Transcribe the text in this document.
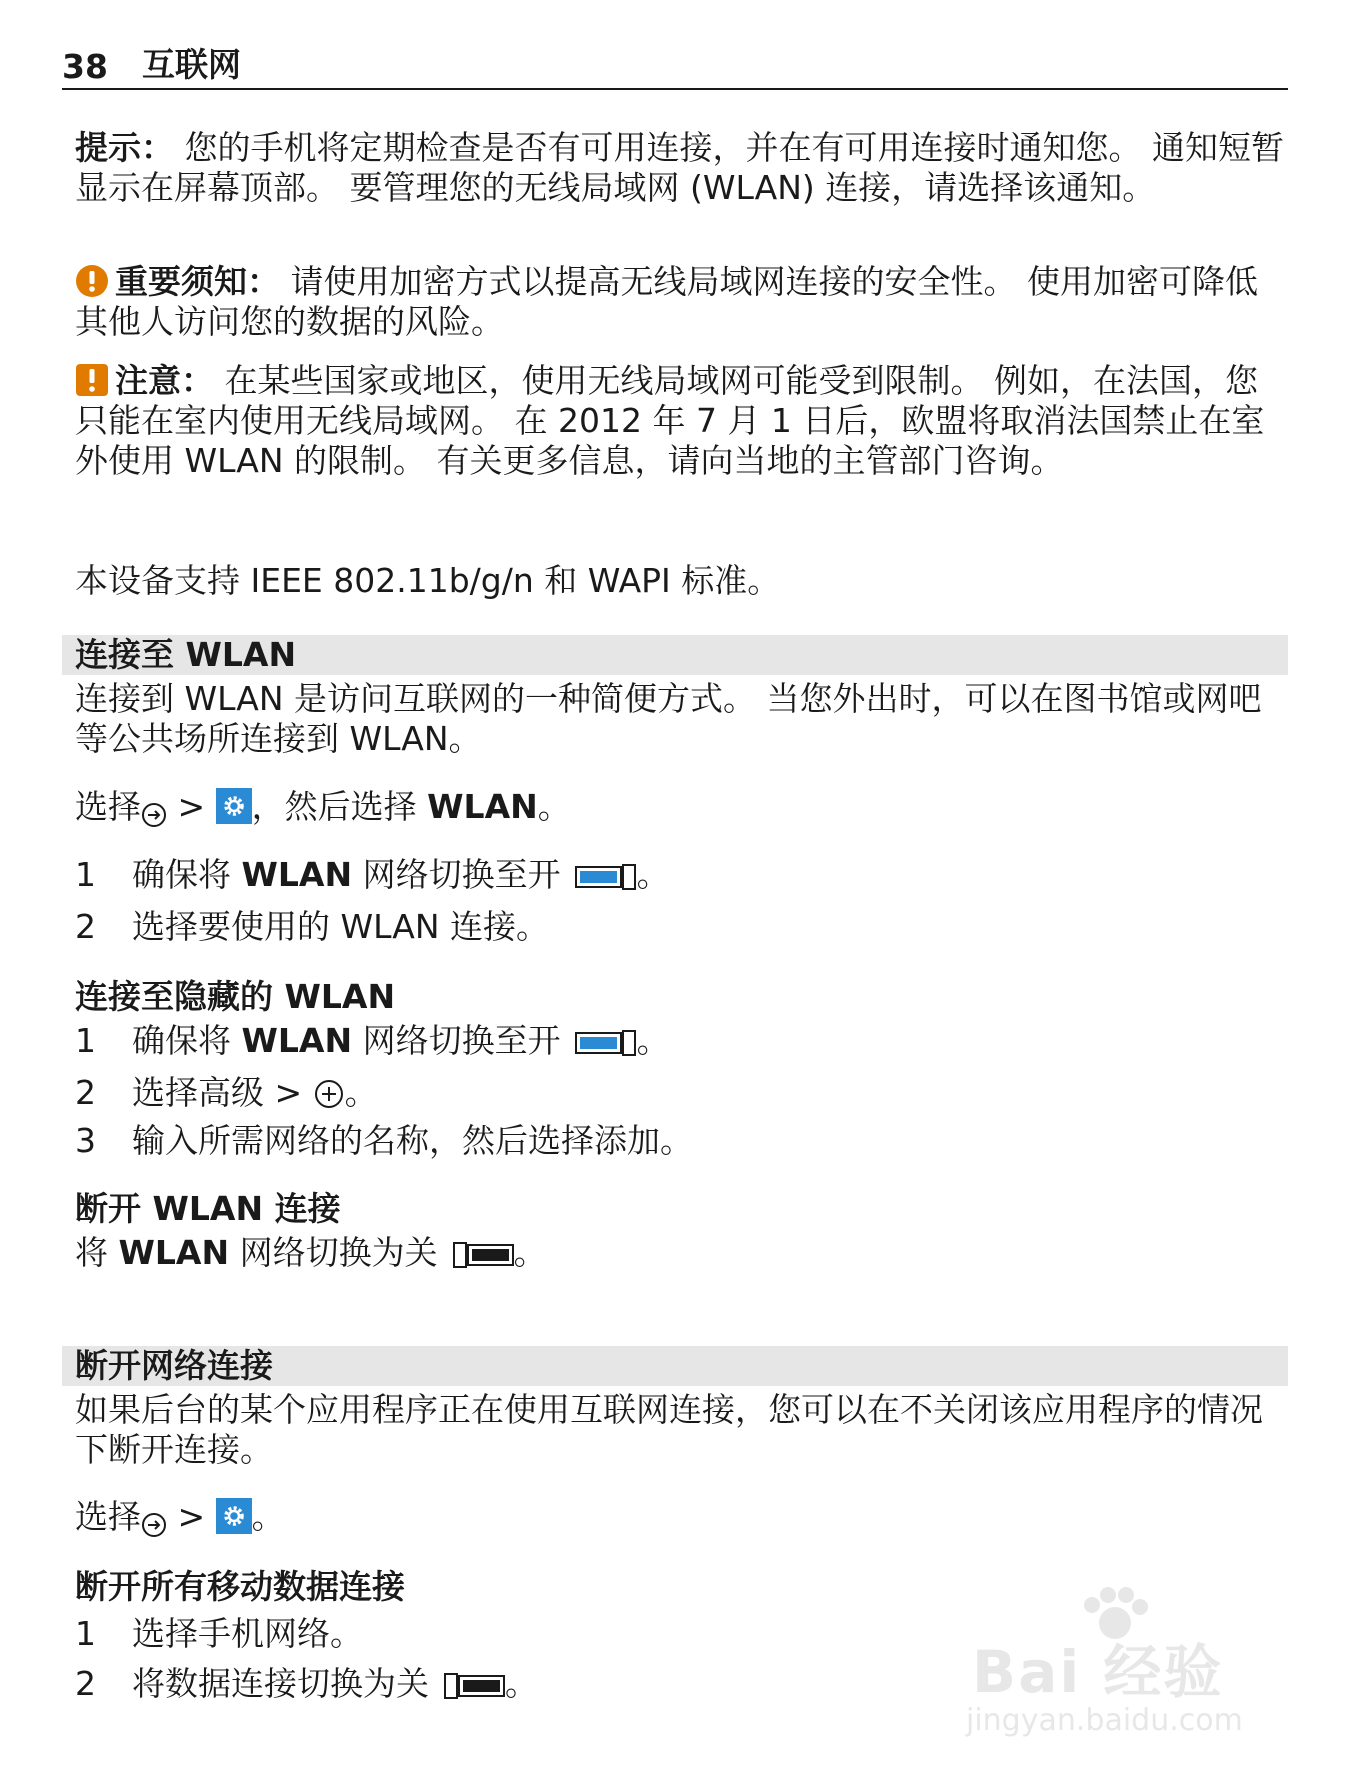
38	互联网
提示： 您的手机将定期检查是否有可用连接，并在有可用连接时通知您。 通知短暂显示在屏幕顶部。 要管理您的无线局域网 (WLAN) 连接，请选择该通知。
重要须知： 请使用加密方式以提高无线局域网连接的安全性。 使用加密可降低其他人访问您的数据的风险。
注意： 在某些国家或地区，使用无线局域网可能受到限制。 例如，在法国，您只能在室内使用无线局域网。 在 2012 年 7 月 1 日后，欧盟将取消法国禁止在室外使用 WLAN 的限制。 有关更多信息，请向当地的主管部门咨询。
本设备支持 IEEE 802.11b/g/n 和 WAPI 标准。
连接至 WLAN
连接到 WLAN 是访问互联网的一种简便方式。 当您外出时，可以在图书馆或网吧等公共场所连接到 WLAN。
选择 > ，然后选择 WLAN。
1 确保将 WLAN 网络切换至开 。
2 选择要使用的 WLAN 连接。
连接至隐藏的 WLAN
1 确保将 WLAN 网络切换至开 。
2 选择高级 > 。
3 输入所需网络的名称，然后选择添加。
断开 WLAN 连接
将 WLAN 网络切换为关 。
断开网络连接
如果后台的某个应用程序正在使用互联网连接，您可以在不关闭该应用程序的情况下断开连接。
选择 > 。
断开所有移动数据连接
1 选择手机网络。
2 将数据连接切换为关 。	Bai 经验
jingyan.baidu.com
